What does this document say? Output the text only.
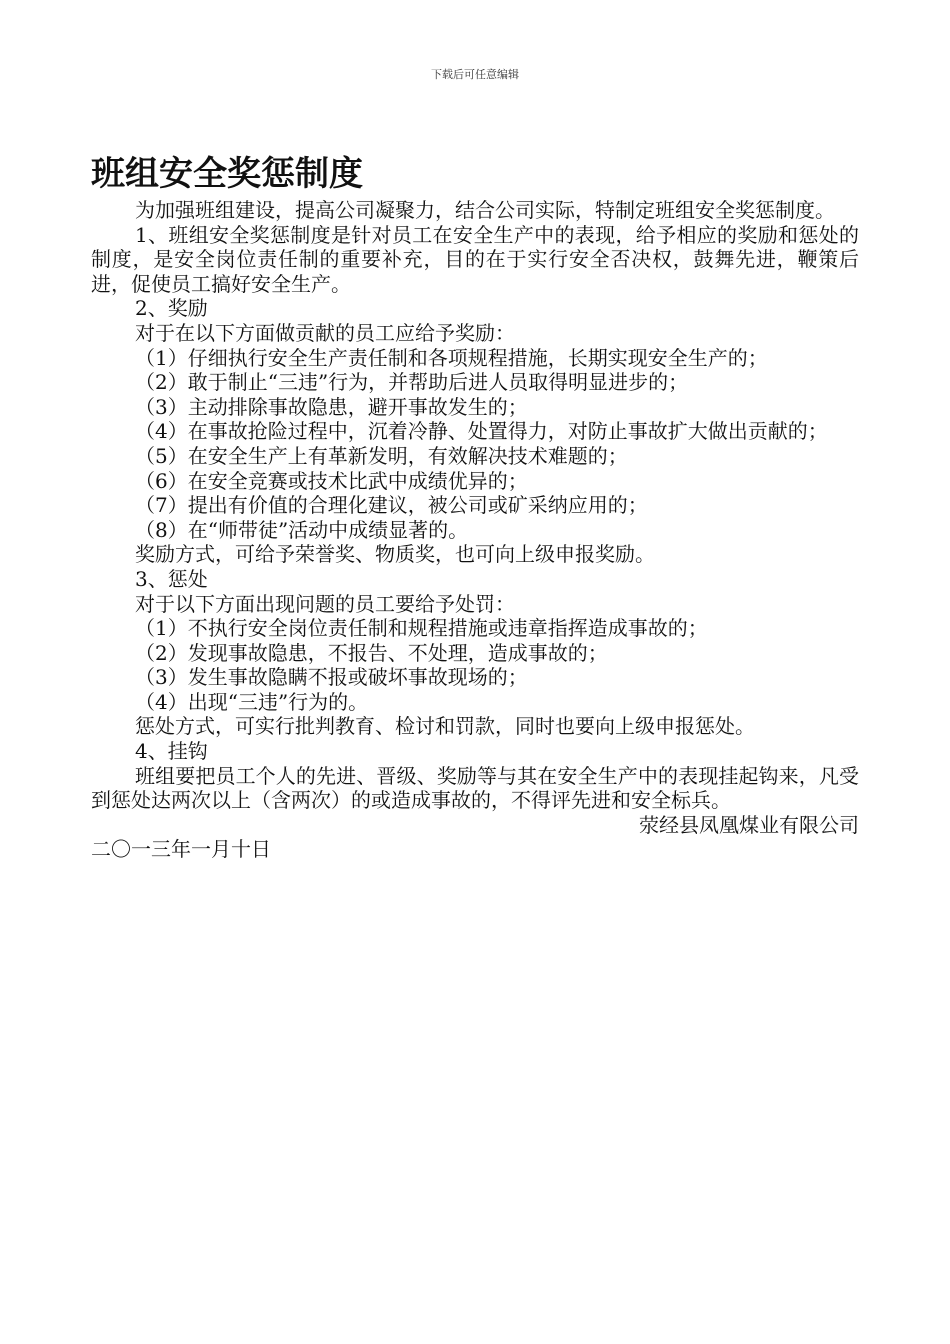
下载后可任意编辑
班组安全奖惩制度

为加强班组建设，提高公司凝聚力，结合公司实际，特制定班组安全奖惩制度。

1、班组安全奖惩制度是针对员工在安全生产中的表现，给予相应的奖励和惩处的制度，是安全岗位责任制的重要补充，目的在于实行安全否决权，鼓舞先进，鞭策后进，促使员工搞好安全生产。

2、奖励

对于在以下方面做贡献的员工应给予奖励：

（1）仔细执行安全生产责任制和各项规程措施，长期实现安全生产的；

（2）敢于制止“三违”行为，并帮助后进人员取得明显进步的；

（3）主动排除事故隐患，避开事故发生的；

（4）在事故抢险过程中，沉着冷静、处置得力，对防止事故扩大做出贡献的；

（5）在安全生产上有革新发明，有效解决技术难题的；

（6）在安全竞赛或技术比武中成绩优异的；

（7）提出有价值的合理化建议，被公司或矿采纳应用的；

（8）在“师带徒”活动中成绩显著的。

奖励方式，可给予荣誉奖、物质奖，也可向上级申报奖励。

3、惩处

对于以下方面出现问题的员工要给予处罚：

（1）不执行安全岗位责任制和规程措施或违章指挥造成事故的；

（2）发现事故隐患，不报告、不处理，造成事故的；

（3）发生事故隐瞒不报或破坏事故现场的；

（4）出现“三违”行为的。

惩处方式，可实行批判教育、检讨和罚款，同时也要向上级申报惩处。

4、挂钩

班组要把员工个人的先进、晋级、奖励等与其在安全生产中的表现挂起钩来，凡受到惩处达两次以上（含两次）的或造成事故的，不得评先进和安全标兵。

荥经县凤凰煤业有限公司

二〇一三年一月十日
